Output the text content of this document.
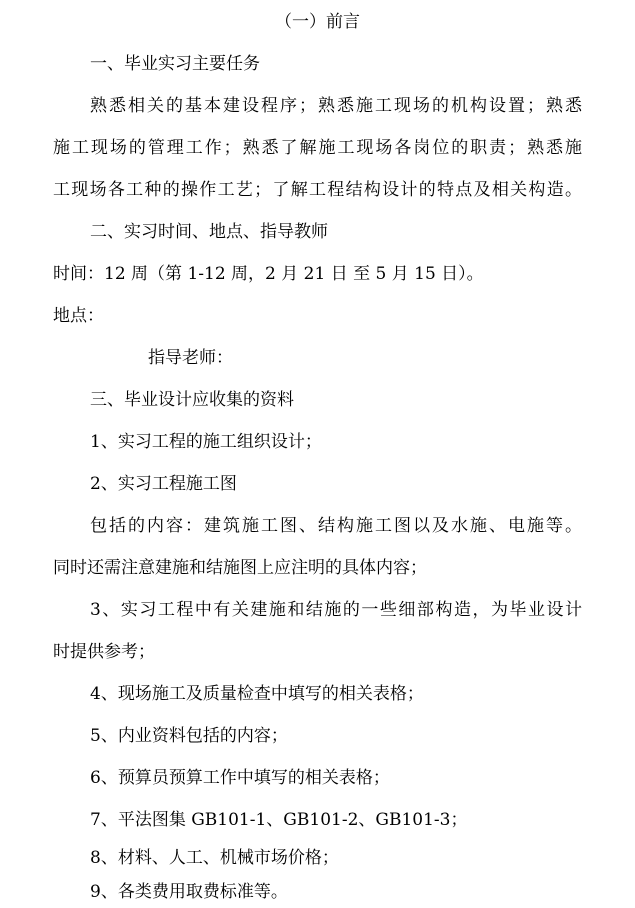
（一）前言
一、毕业实习主要任务
熟悉相关的基本建设程序；熟悉施工现场的机构设置；熟悉
施工现场的管理工作；熟悉了解施工现场各岗位的职责；熟悉施
工现场各工种的操作工艺；了解工程结构设计的特点及相关构造。
二、实习时间、地点、指导教师
时间：12 周（第 1-12 周，2 月 21 日 至 5 月 15 日）。
地点：
指导老师：
三、毕业设计应收集的资料
1、实习工程的施工组织设计；
2、实习工程施工图
包括的内容：建筑施工图、结构施工图以及水施、电施等。
同时还需注意建施和结施图上应注明的具体内容；
3、实习工程中有关建施和结施的一些细部构造，为毕业设计
时提供参考；
4、现场施工及质量检查中填写的相关表格；
5、内业资料包括的内容；
6、预算员预算工作中填写的相关表格；
7、平法图集 GB101-1、GB101-2、GB101-3；
8、材料、人工、机械市场价格；
9、各类费用取费标准等。
